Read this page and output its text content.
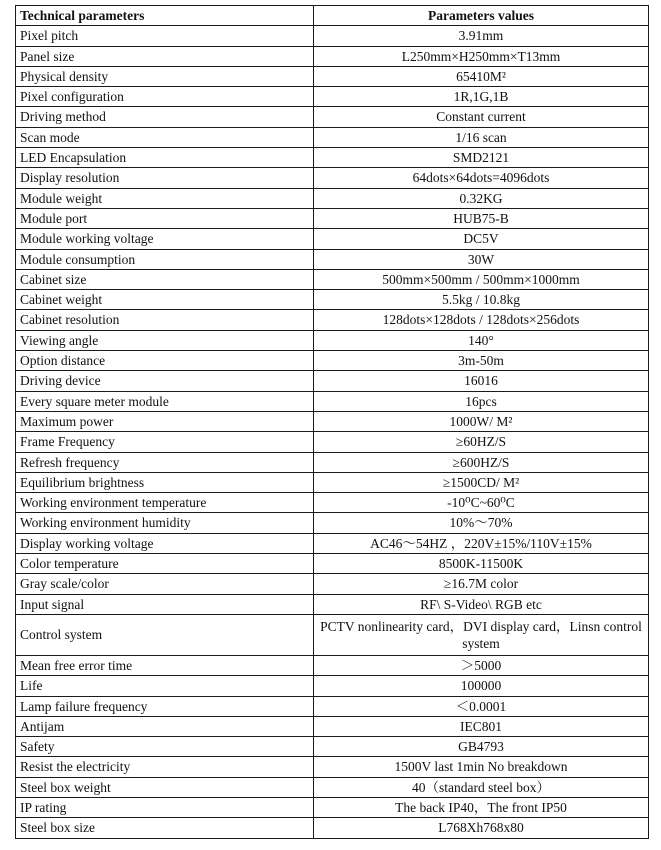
Technical parameters	Parameters values
Pixel pitch	3.91mm
Panel size	L250mm×H250mm×T13mm
Physical density	65410M²
Pixel configuration	1R,1G,1B
Driving method	Constant current
Scan mode	1/16 scan
LED Encapsulation	SMD2121
Display resolution	64dots×64dots=4096dots
Module weight	0.32KG
Module port	HUB75-B
Module working voltage	DC5V
Module consumption	30W
Cabinet size	500mm×500mm / 500mm×1000mm
Cabinet weight	5.5kg / 10.8kg
Cabinet resolution	128dots×128dots / 128dots×256dots
Viewing angle	140°
Option distance	3m-50m
Driving device	16016
Every square meter module	16pcs
Maximum power	1000W/ M²
Frame Frequency	≥60HZ/S
Refresh frequency	≥600HZ/S
Equilibrium brightness	≥1500CD/ M²
Working environment temperature	-10⁰C~60⁰C
Working environment humidity	10%～70%
Display working voltage	AC46～54HZ ，220V±15%/110V±15%
Color temperature	8500K-11500K
Gray scale/color	≥16.7M color
Input signal	RF\ S-Video\ RGB etc
Control system	PCTV nonlinearity card，DVI display card，Linsn control system
Mean free error time	＞5000
Life	100000
Lamp failure frequency	＜0.0001
Antijam	IEC801
Safety	GB4793
Resist the electricity	1500V last 1min No breakdown
Steel box weight	40（standard steel box）
IP rating	The back IP40，The front IP50
Steel box size	L768Xh768x80
